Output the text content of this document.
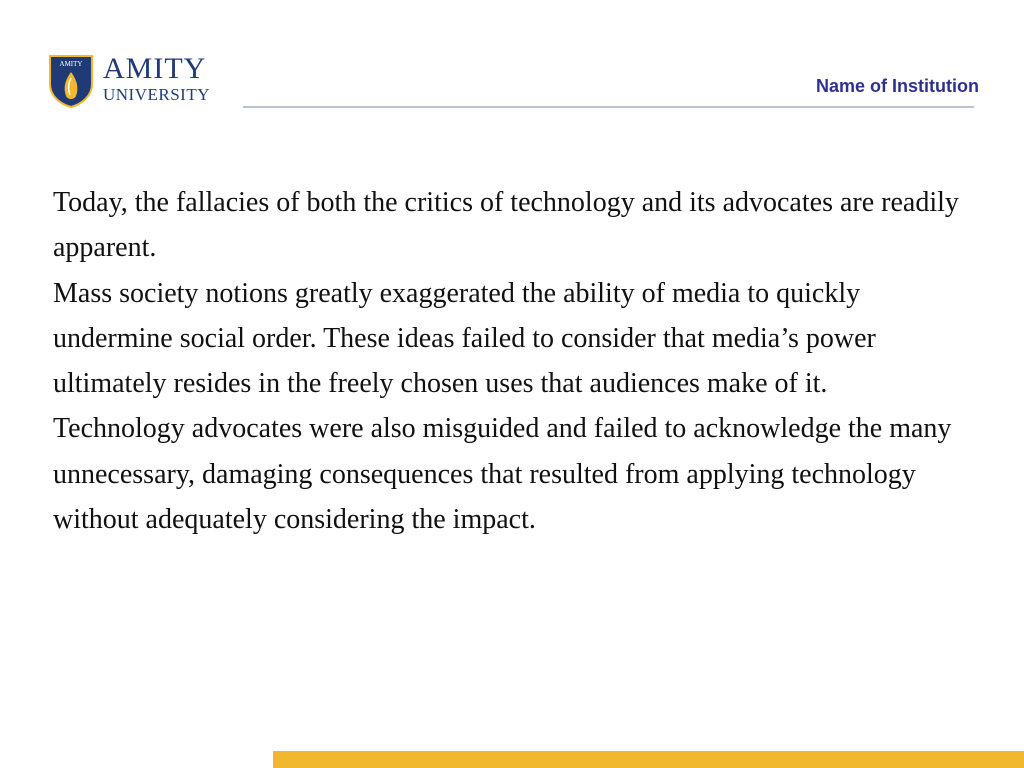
AMITY AMITY
UNIVERSITY	Name of Institution

Today, the fallacies of both the critics of technology and its advocates are readily apparent.

Mass society notions greatly exaggerated the ability of media to quickly undermine social order. These ideas failed to consider that media’s power ultimately resides in the freely chosen uses that audiences make of it.

Technology advocates were also misguided and failed to acknowledge the many unnecessary, damaging consequences that resulted from applying technology without adequately considering the impact.
